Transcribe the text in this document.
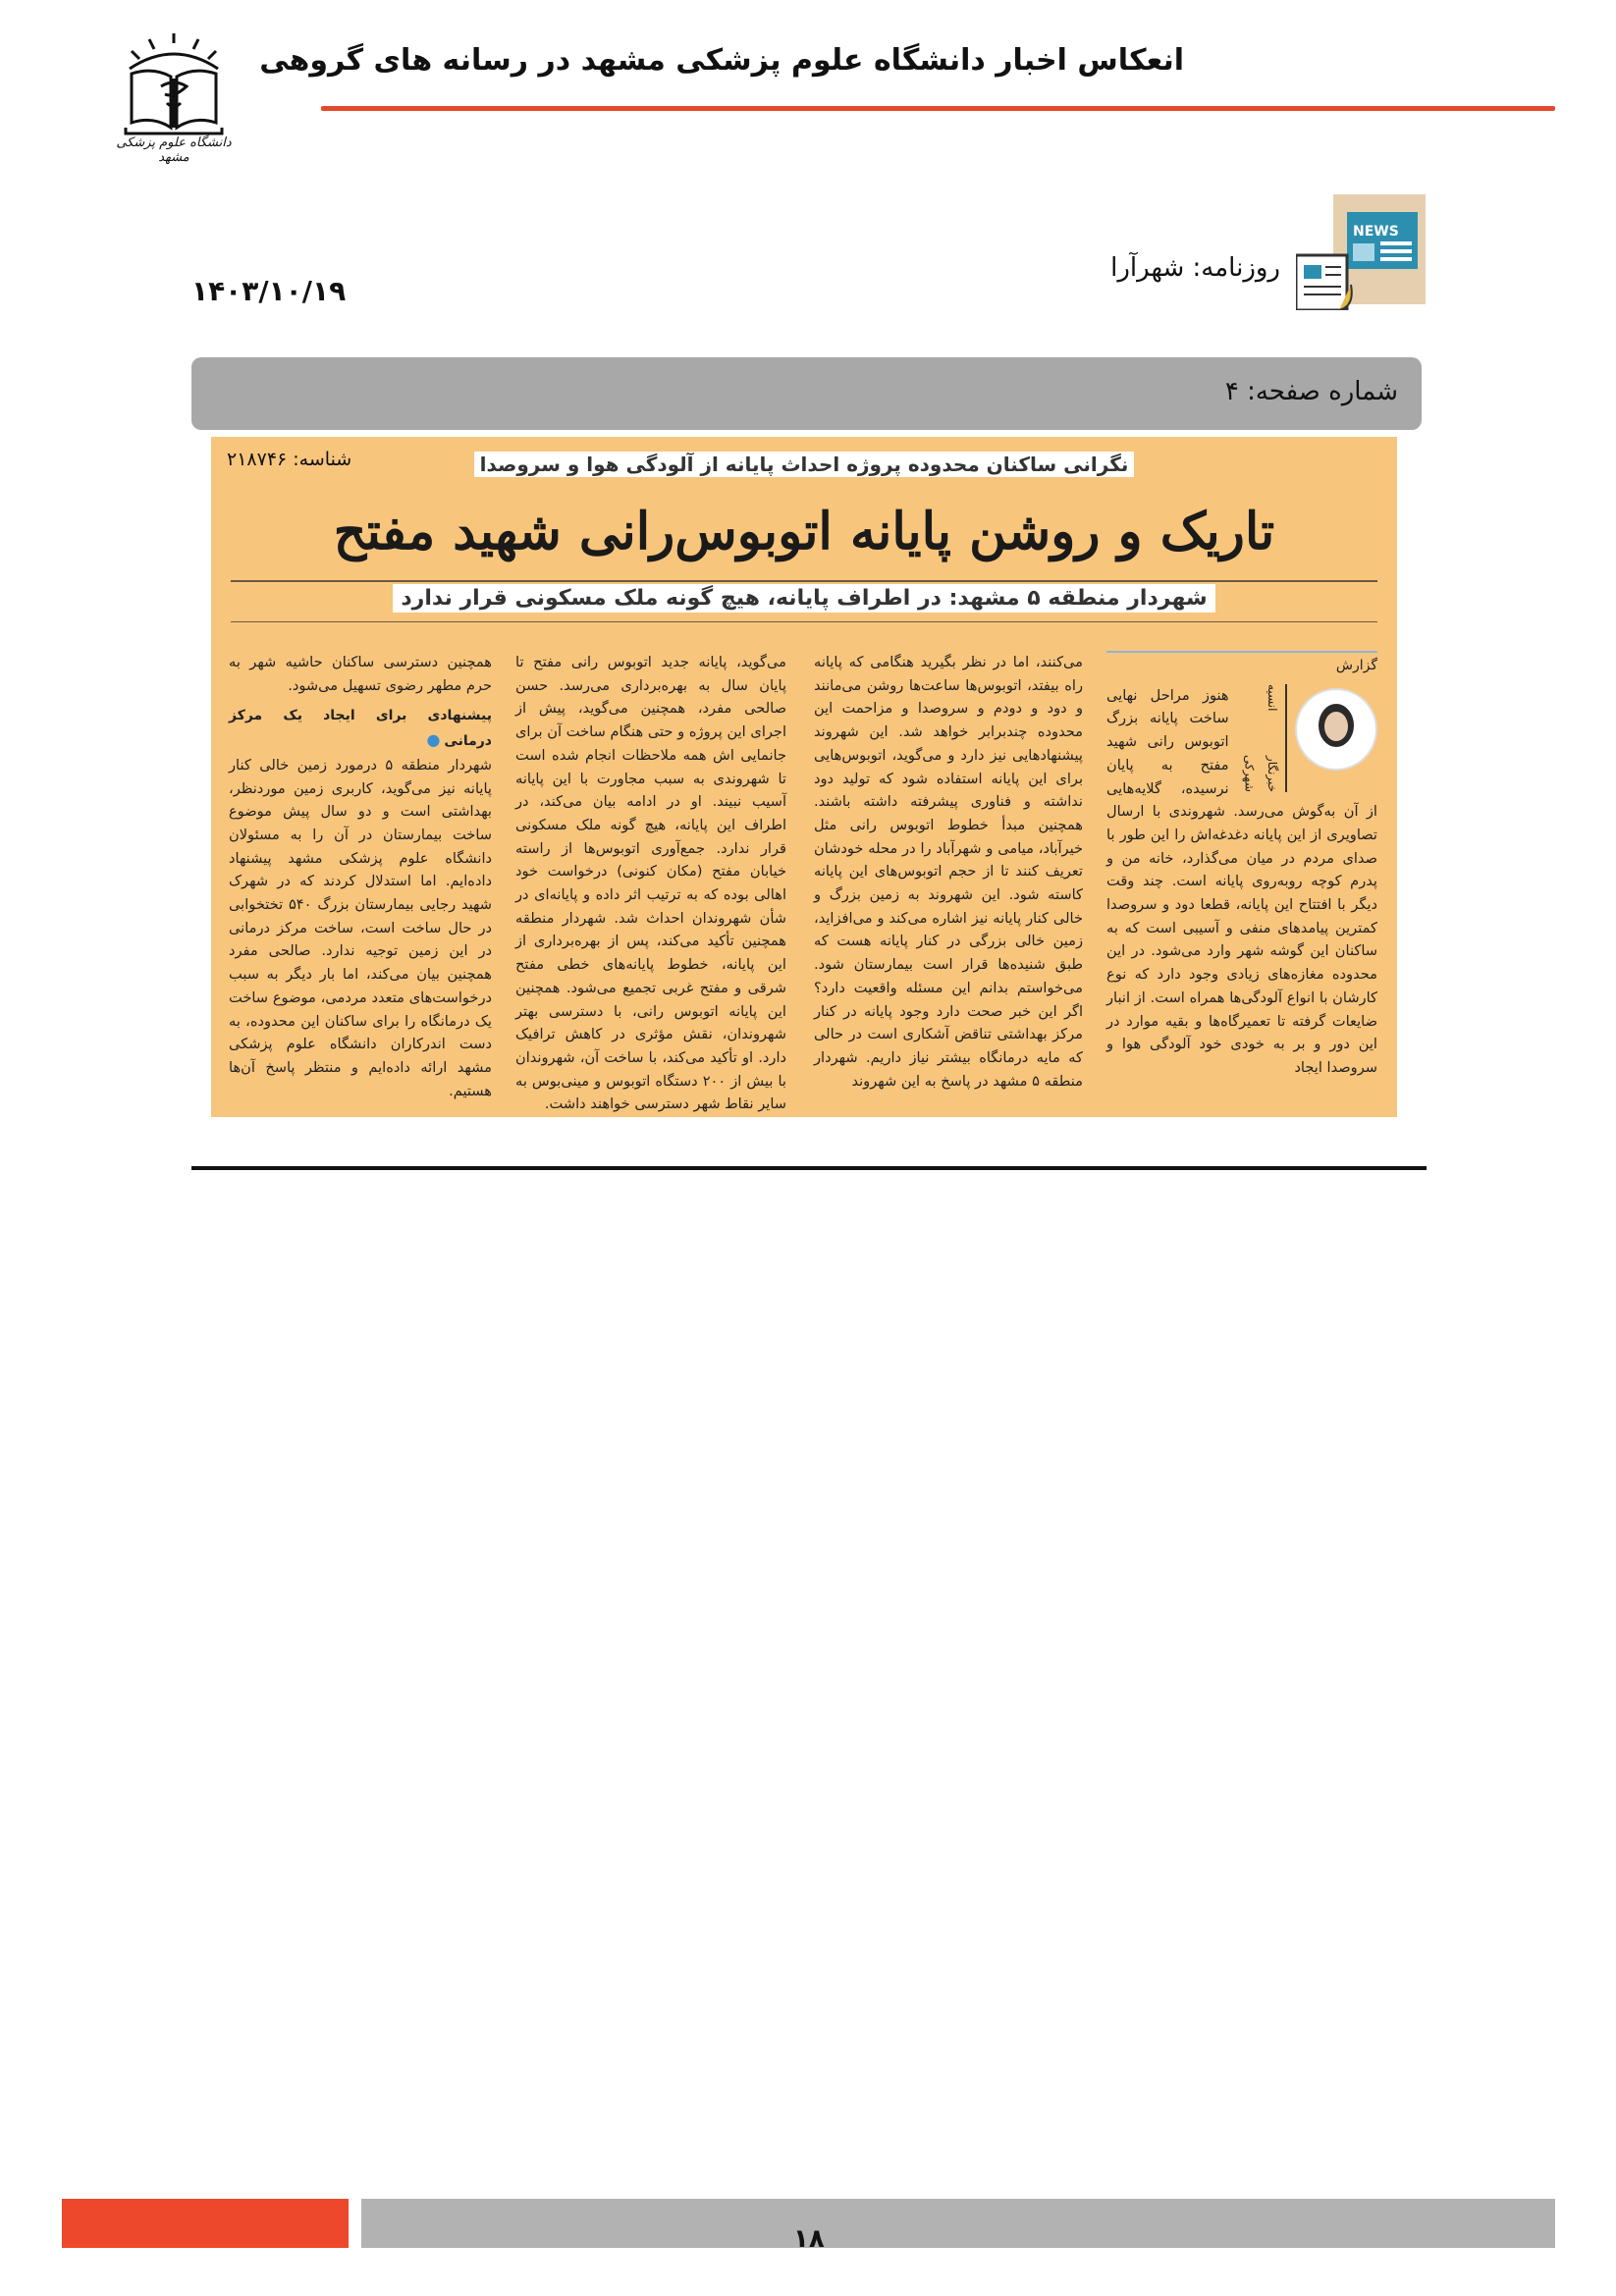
انعکاس اخبار دانشگاه علوم پزشکی مشهد در رسانه های گروهی
دانشگاه علوم پزشکی مشهد
NEWS
روزنامه: شهرآرا
۱۴۰۳/۱۰/۱۹
شماره صفحه: ۴
شناسه: ۲۱۸۷۴۶	نگرانی ساکنان محدوده پروژه احداث پایانه از آلودگی هوا و سروصدا
تاریک و روشن پایانه اتوبوس‌رانی شهید مفتح
شهردار منطقه ۵ مشهد: در اطراف پایانه، هیچ گونه ملک مسکونی قرار ندارد
گزارش
خبرنگار انسیه شهرکی
هنوز مراحل نهایی ساخت پایانه بزرگ اتوبوس رانی شهید مفتح به پایان نرسیده، گلایه‌هایی از آن به‌گوش می‌رسد. شهروندی با ارسال تصاویری از این پایانه دغدغه‌اش را این طور با صدای مردم در میان می‌گذارد، خانه من و پدرم کوچه روبه‌روی پایانه است. چند وقت دیگر با افتتاح این پایانه، قطعا دود و سروصدا کمترین پیامدهای منفی و آسیبی است که به ساکنان این گوشه شهر وارد می‌شود. در این محدوده مغازه‌های زیادی وجود دارد که نوع کارشان با انواع آلودگی‌ها همراه است. از انبار ضایعات گرفته تا تعمیرگاه‌ها و بقیه موارد در این دور و بر به خودی خود آلودگی هوا و سروصدا ایجاد
می‌کنند، اما در نظر بگیرید هنگامی که پایانه راه بیفتد، اتوبوس‌ها ساعت‌ها روشن می‌مانند و دود و دودم و سروصدا و مزاحمت این محدوده چندبرابر خواهد شد. این شهروند پیشنهادهایی نیز دارد و می‌گوید، اتوبوس‌هایی برای این پایانه استفاده شود که تولید دود نداشته و فناوری پیشرفته داشته باشند. همچنین مبدأ خطوط اتوبوس رانی مثل خیرآباد، میامی و شهرآباد را در محله خودشان تعریف کنند تا از حجم اتوبوس‌های این پایانه کاسته شود. این شهروند به زمین بزرگ و خالی کنار پایانه نیز اشاره می‌کند و می‌افزاید، زمین خالی بزرگی در کنار پایانه هست که طبق شنیده‌ها قرار است بیمارستان شود. می‌خواستم بدانم این مسئله واقعیت دارد؟ اگر این خبر صحت دارد وجود پایانه در کنار مرکز بهداشتی تناقض آشکاری است در حالی که مایه درمانگاه بیشتر نیاز داریم. شهردار منطقه ۵ مشهد در پاسخ به این شهروند
می‌گوید، پایانه جدید اتوبوس رانی مفتح تا پایان سال به بهره‌برداری می‌رسد. حسن صالحی مفرد، همچنین می‌گوید، پیش از اجرای این پروژه و حتی هنگام ساخت آن برای جانمایی اش همه ملاحظات انجام شده است تا شهروندی به سبب مجاورت با این پایانه آسیب نبیند. او در ادامه بیان می‌کند، در اطراف این پایانه، هیچ گونه ملک مسکونی قرار ندارد. جمع‌آوری اتوبوس‌ها از راسته خیابان مفتح (مکان کنونی) درخواست خود اهالی بوده که به ترتیب اثر داده و پایانه‌ای در شأن شهروندان احداث شد. شهردار منطقه همچنین تأکید می‌کند، پس از بهره‌برداری از این پایانه، خطوط پایانه‌های خطی مفتح شرقی و مفتح غربی تجمیع می‌شود. همچنین این پایانه اتوبوس رانی، با دسترسی بهتر شهروندان، نقش مؤثری در کاهش ترافیک دارد. او تأکید می‌کند، با ساخت آن، شهروندان با بیش از ۲۰۰ دستگاه اتوبوس و مینی‌بوس به سایر نقاط شهر دسترسی خواهند داشت.
همچنین دسترسی ساکنان حاشیه شهر به حرم مطهر رضوی تسهیل می‌شود.
پیشنهادی برای ایجاد یک مرکز درمانی ●
شهردار منطقه ۵ درمورد زمین خالی کنار پایانه نیز می‌گوید، کاربری زمین موردنظر، بهداشتی است و دو سال پیش موضوع ساخت بیمارستان در آن را به مسئولان دانشگاه علوم پزشکی مشهد پیشنهاد داده‌ایم. اما استدلال کردند که در شهرک شهید رجایی بیمارستان بزرگ ۵۴۰ تختخوابی در حال ساخت است، ساخت مرکز درمانی در این زمین توجیه ندارد. صالحی مفرد همچنین بیان می‌کند، اما بار دیگر به سبب درخواست‌های متعدد مردمی، موضوع ساخت یک درمانگاه را برای ساکنان این محدوده، به دست اندرکاران دانشگاه علوم پزشکی مشهد ارائه داده‌ایم و منتظر پاسخ آن‌ها هستیم.
۱۸
